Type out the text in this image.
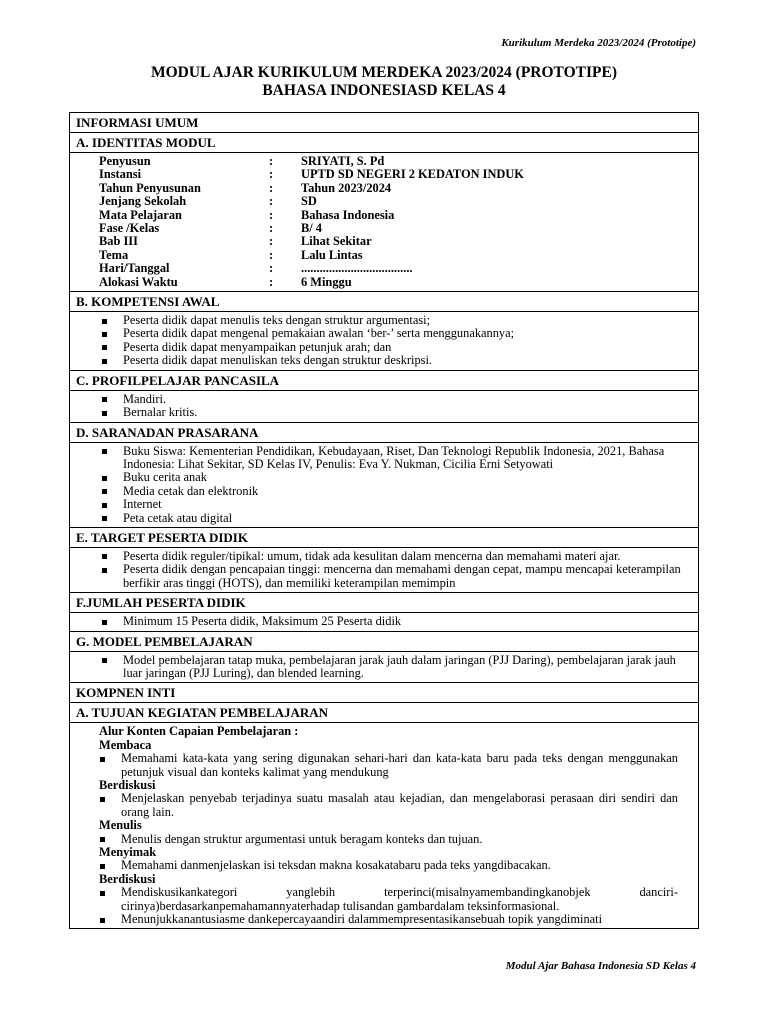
Kurikulum Merdeka 2023/2024 (Prototipe)
MODUL AJAR KURIKULUM MERDEKA 2023/2024 (PROTOTIPE)
BAHASA INDONESIASD KELAS 4
INFORMASI UMUM
A. IDENTITAS MODUL

Penyusun	:	SRIYATI, S. Pd
Instansi	:	UPTD SD NEGERI 2 KEDATON INDUK
Tahun Penyusunan	:	Tahun 2023/2024
Jenjang Sekolah	:	SD
Mata Pelajaran	:	Bahasa Indonesia
Fase /Kelas	:	B/ 4
Bab III	:	Lihat Sekitar
Tema	:	Lalu Lintas
Hari/Tanggal	:	....................................
Alokasi Waktu	:	6 Minggu

B. KOMPETENSI AWAL

Peserta didik dapat menulis teks dengan struktur argumentasi;
Peserta didik dapat mengenal pemakaian awalan ‘ber-’ serta menggunakannya;
Peserta didik dapat menyampaikan petunjuk arah; dan
Peserta didik dapat menuliskan teks dengan struktur deskripsi.

C. PROFILPELAJAR PANCASILA

Mandiri.
Bernalar kritis.

D. SARANADAN PRASARANA

Buku Siswa: Kementerian Pendidikan, Kebudayaan, Riset, Dan Teknologi Republik Indonesia, 2021, Bahasa Indonesia: Lihat Sekitar, SD Kelas IV, Penulis: Eva Y. Nukman, Cicilia Erni Setyowati
Buku cerita anak
Media cetak dan elektronik
Internet
Peta cetak atau digital

E. TARGET PESERTA DIDIK

Peserta didik reguler/tipikal: umum, tidak ada kesulitan dalam mencerna dan memahami materi ajar.
Peserta didik dengan pencapaian tinggi: mencerna dan memahami dengan cepat, mampu mencapai keterampilan berfikir aras tinggi (HOTS), dan memiliki keterampilan memimpin

F.JUMLAH PESERTA DIDIK

Minimum 15 Peserta didik, Maksimum 25 Peserta didik

G. MODEL PEMBELAJARAN

Model pembelajaran tatap muka, pembelajaran jarak jauh dalam jaringan (PJJ Daring), pembelajaran jarak jauh luar jaringan (PJJ Luring), dan blended learning.

KOMPNEN INTI
A. TUJUAN KEGIATAN PEMBELAJARAN

Alur Konten Capaian Pembelajaran :
Membaca
Memahami kata-kata yang sering digunakan sehari-hari dan kata-kata baru pada teks dengan menggunakan petunjuk visual dan konteks kalimat yang mendukung
Berdiskusi
Menjelaskan penyebab terjadinya suatu masalah atau kejadian, dan mengelaborasi perasaan diri sendiri dan orang lain.
Menulis
Menulis dengan struktur argumentasi untuk beragam konteks dan tujuan.
Menyimak
Memahami danmenjelaskan isi teksdan makna kosakatabaru pada teks yangdibacakan.
Berdiskusi
Mendiskusikankategori yanglebih terperinci(misalnyamembandingkanobjek danciri-cirinya)berdasarkanpemahamannyaterhadap tulisandan gambardalam teksinformasional.
Menunjukkanantusiasme dankepercayaandiri dalammempresentasikansebuah topik yangdiminati
Modul Ajar Bahasa Indonesia SD Kelas 4
